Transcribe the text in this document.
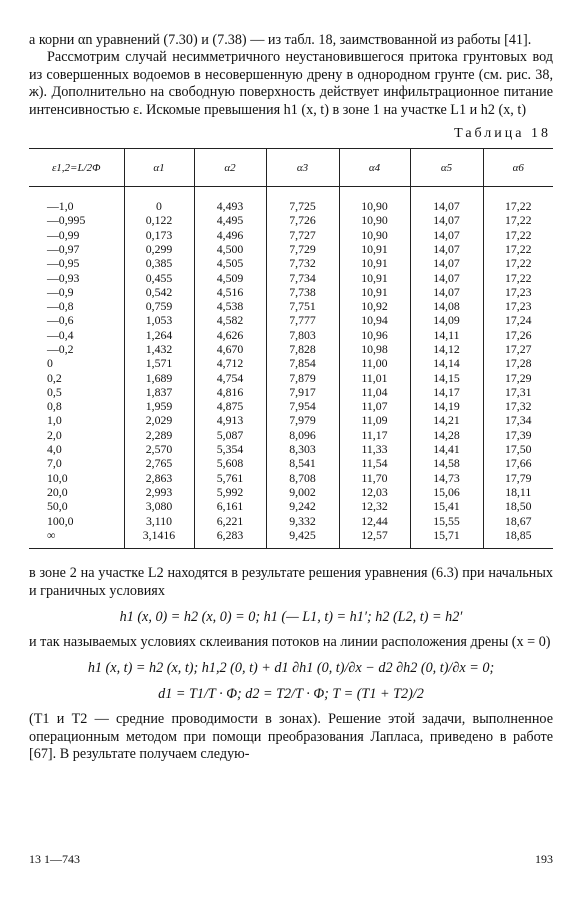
а корни αn уравнений (7.30) и (7.38) — из табл. 18, заимствованной из работы [41].

Рассмотрим случай несимметричного неустановившегося притока грунтовых вод из совершенных водоемов в несовершенную дрену в однородном грунте (см. рис. 38, ж). Дополнительно на свободную поверхность действует инфильтрационное питание интенсивностью ε. Искомые превышения h1 (x, t) в зоне 1 на участке L1 и h2 (x, t)

Таблица 18
ε1,2=L/2Φ	α1	α2	α3	α4	α5	α6
—1,0	0	4,493	7,725	10,90	14,07	17,22
—0,995	0,122	4,495	7,726	10,90	14,07	17,22
—0,99	0,173	4,496	7,727	10,90	14,07	17,22
—0,97	0,299	4,500	7,729	10,91	14,07	17,22
—0,95	0,385	4,505	7,732	10,91	14,07	17,22
—0,93	0,455	4,509	7,734	10,91	14,07	17,22
—0,9	0,542	4,516	7,738	10,91	14,07	17,23
—0,8	0,759	4,538	7,751	10,92	14,08	17,23
—0,6	1,053	4,582	7,777	10,94	14,09	17,24
—0,4	1,264	4,626	7,803	10,96	14,11	17,26
—0,2	1,432	4,670	7,828	10,98	14,12	17,27
0	1,571	4,712	7,854	11,00	14,14	17,28
0,2	1,689	4,754	7,879	11,01	14,15	17,29
0,5	1,837	4,816	7,917	11,04	14,17	17,31
0,8	1,959	4,875	7,954	11,07	14,19	17,32
1,0	2,029	4,913	7,979	11,09	14,21	17,34
2,0	2,289	5,087	8,096	11,17	14,28	17,39
4,0	2,570	5,354	8,303	11,33	14,41	17,50
7,0	2,765	5,608	8,541	11,54	14,58	17,66
10,0	2,863	5,761	8,708	11,70	14,73	17,79
20,0	2,993	5,992	9,002	12,03	15,06	18,11
50,0	3,080	6,161	9,242	12,32	15,41	18,50
100,0	3,110	6,221	9,332	12,44	15,55	18,67
∞	3,1416	6,283	9,425	12,57	15,71	18,85

в зоне 2 на участке L2 находятся в результате решения уравнения (6.3) при начальных и граничных условиях

h1 (x, 0) = h2 (x, 0) = 0; h1 (— L1, t) = h1′; h2 (L2, t) = h2′

и так называемых условиях склеивания потоков на линии расположения дрены (x = 0)

h1 (x, t) = h2 (x, t); h1,2 (0, t) + d1 ∂h1 (0, t)/∂x − d2 ∂h2 (0, t)/∂x = 0;
d1 = T1/T · Φ; d2 = T2/T · Φ; T = (T1 + T2)/2

(T1 и T2 — средние проводимости в зонах). Решение этой задачи, выполненное операционным методом при помощи преобразования Лапласа, приведено в работе [67]. В результате получаем следую-

13 1—743	193
